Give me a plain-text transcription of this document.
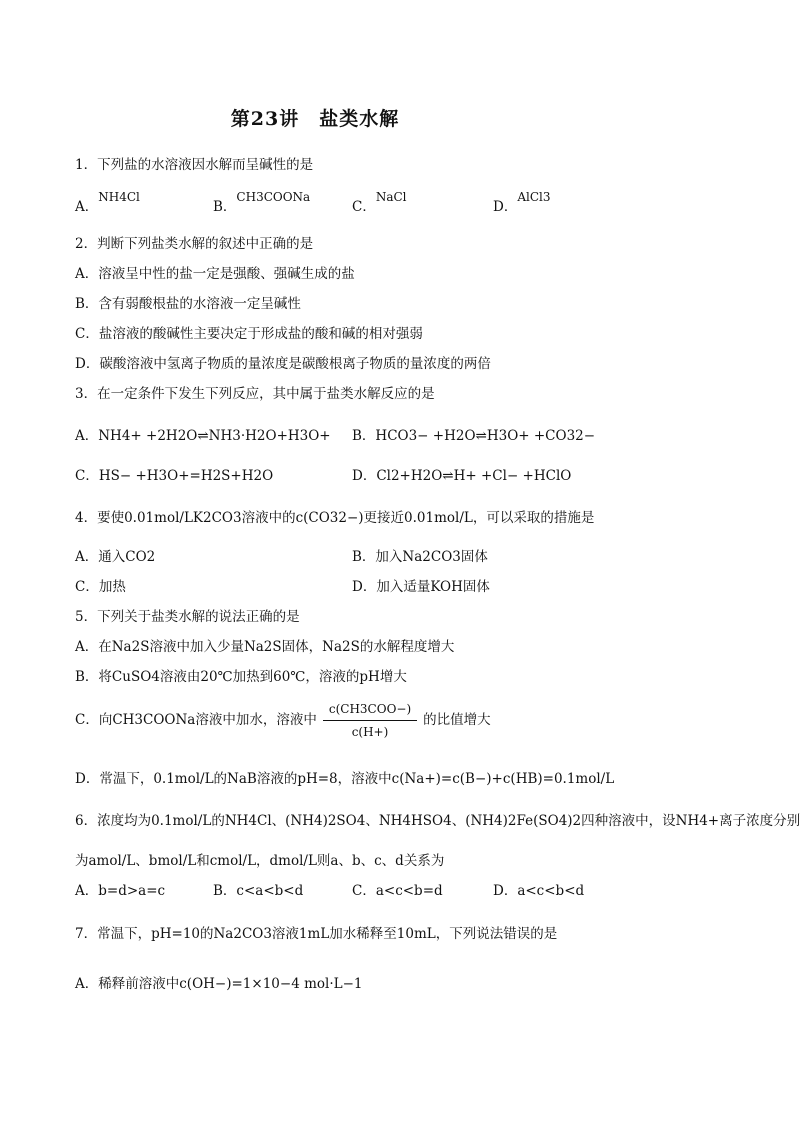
第23讲　盐类水解
1．下列盐的水溶液因水解而呈碱性的是
A．NH4Cl
B．CH3COONa
C．NaCl
D．AlCl3
2．判断下列盐类水解的叙述中正确的是
A．溶液呈中性的盐一定是强酸、强碱生成的盐
B．含有弱酸根盐的水溶液一定呈碱性
C．盐溶液的酸碱性主要决定于形成盐的酸和碱的相对强弱
D．碳酸溶液中氢离子物质的量浓度是碳酸根离子物质的量浓度的两倍
3．在一定条件下发生下列反应，其中属于盐类水解反应的是
A．NH4+ +2H2O⇌NH3·H2O+H3O+ B．HCO3− +H2O⇌H3O+ +CO32−
C．HS− +H3O+=H2S+H2O	D．Cl2+H2O⇌H+ +Cl− +HClO
4．要使0.01mol/LK2CO3溶液中的c(CO32−)更接近0.01mol/L，可以采取的措施是
A．通入CO2	B．加入Na2CO3固体
C．加热	D．加入适量KOH固体
5．下列关于盐类水解的说法正确的是
A．在Na2S溶液中加入少量Na2S固体，Na2S的水解程度增大
B．将CuSO4溶液由20℃加热到60℃，溶液的pH增大
C．向CH3COONa溶液中加水，溶液中 $\frac{\text{c(CH3COO−)}}{c(H+)}$ 的比值增大
D．常温下，0.1mol/L的NaB溶液的pH=8，溶液中c(Na+)=c(B−)+c(HB)=0.1mol/L
6．浓度均为0.1mol/L的NH4Cl、(NH4)2SO4、NH4HSO4、(NH4)2Fe(SO4)2四种溶液中，设NH4+离子浓度分别
为amol/L、bmol/L和cmol/L，dmol/L则a、b、c、d关系为
A．b=d>a=c	B．c<a<b<d	C．a<c<b=d	D．a<c<b<d
7．常温下，pH=10的Na2CO3溶液1mL加水稀释至10mL，下列说法错误的是
A．稀释前溶液中c(OH−)=1×10−4 mol·L−1
